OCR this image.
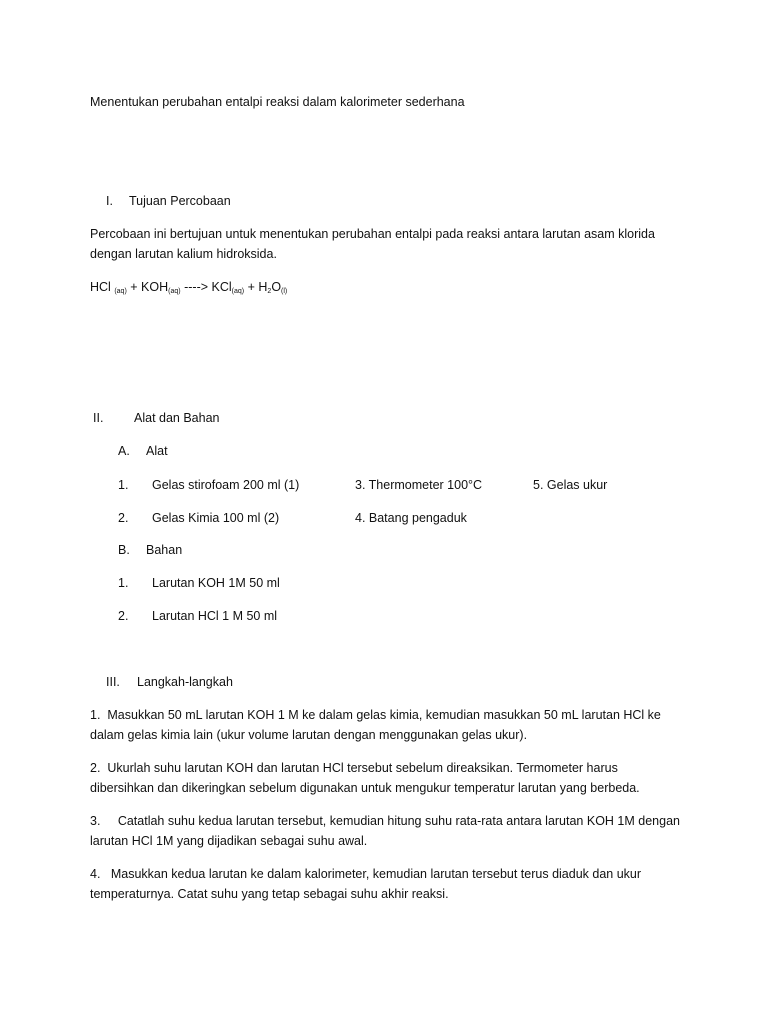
Menentukan perubahan entalpi reaksi dalam kalorimeter sederhana
I. Tujuan Percobaan
Percobaan ini bertujuan untuk menentukan perubahan entalpi pada reaksi antara larutan asam klorida dengan larutan kalium hidroksida.
HCl $_{(aq)} + KOH_{(aq)}$ ----> $KCl_{(aq)} + H_2O_{(l)}$
II. Alat dan Bahan
A. Alat
1. Gelas stirofoam 200 ml (1)	3. Thermometer 100°C	5. Gelas ukur
2. Gelas Kimia 100 ml (2)	4. Batang pengaduk
B. Bahan
1. Larutan KOH 1M 50 ml
2. Larutan HCl 1 M 50 ml
III. Langkah-langkah
1. Masukkan 50 mL larutan KOH 1 M ke dalam gelas kimia, kemudian masukkan 50 mL larutan HCl ke dalam gelas kimia lain (ukur volume larutan dengan menggunakan gelas ukur).
2. Ukurlah suhu larutan KOH dan larutan HCl tersebut sebelum direaksikan. Termometer harus dibersihkan dan dikeringkan sebelum digunakan untuk mengukur temperatur larutan yang berbeda.
3. Catatlah suhu kedua larutan tersebut, kemudian hitung suhu rata-rata antara larutan KOH 1M dengan larutan HCl 1M yang dijadikan sebagai suhu awal.
4. Masukkan kedua larutan ke dalam kalorimeter, kemudian larutan tersebut terus diaduk dan ukur temperaturnya. Catat suhu yang tetap sebagai suhu akhir reaksi.
